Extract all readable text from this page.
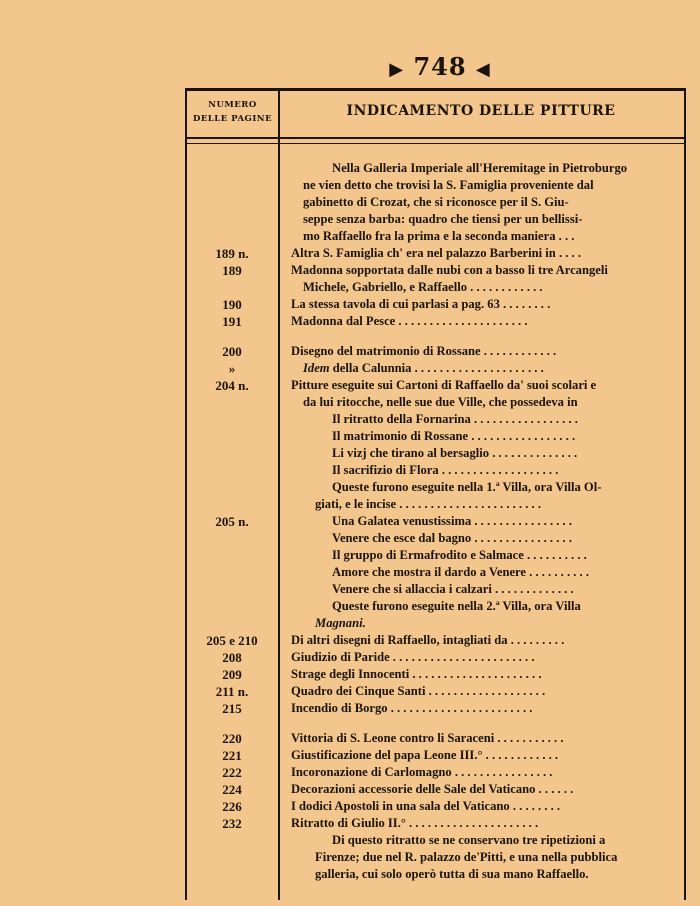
▶ 748 ◀
NUMERO
DELLE PAGINE	INDICAMENTO DELLE PITTURE
Nella Galleria Imperiale all'Heremitage in Pietroburgo
ne vien detto che trovisi la S. Famiglia proveniente dal
gabinetto di Crozat, che si riconosce per il S. Giu-
seppe senza barba: quadro che tiensi per un bellissi-
mo Raffaello fra la prima e la seconda maniera . . .
189 n.	Altra S. Famiglia ch' era nel palazzo Barberini in . . . .
189	Madonna sopportata dalle nubi con a basso li tre Arcangeli
Michele, Gabriello, e Raffaello . . . . . . . . . . . .
190	La stessa tavola di cui parlasi a pag. 63 . . . . . . . .
191	Madonna dal Pesce . . . . . . . . . . . . . . . . . . . . .
200	Disegno del matrimonio di Rossane . . . . . . . . . . . .
»	Idem della Calunnia . . . . . . . . . . . . . . . . . . . . .
204 n.	Pitture eseguite sui Cartoni di Raffaello da' suoi scolari e
da lui ritocche, nelle sue due Ville, che possedeva in
Il ritratto della Fornarina . . . . . . . . . . . . . . . . .
Il matrimonio di Rossane . . . . . . . . . . . . . . . . .
Li vizj che tirano al bersaglio . . . . . . . . . . . . . .
Il sacrifizio di Flora . . . . . . . . . . . . . . . . . . .
Queste furono eseguite nella 1.ª Villa, ora Villa Ol-
giati, e le incise . . . . . . . . . . . . . . . . . . . . . . .
205 n.	Una Galatea venustissima . . . . . . . . . . . . . . . .
Venere che esce dal bagno . . . . . . . . . . . . . . . .
Il gruppo di Ermafrodito e Salmace . . . . . . . . . .
Amore che mostra il dardo a Venere . . . . . . . . . .
Venere che si allaccia i calzari . . . . . . . . . . . . .
Queste furono eseguite nella 2.ª Villa, ora Villa
Magnani.
205 e 210	Di altri disegni di Raffaello, intagliati da . . . . . . . . .
208	Giudizio di Paride . . . . . . . . . . . . . . . . . . . . . . .
209	Strage degli Innocenti . . . . . . . . . . . . . . . . . . . . .
211 n.	Quadro dei Cinque Santi . . . . . . . . . . . . . . . . . . .
215	Incendio di Borgo . . . . . . . . . . . . . . . . . . . . . . .
220	Vittoria di S. Leone contro li Saraceni . . . . . . . . . . .
221	Giustificazione del papa Leone III.° . . . . . . . . . . . .
222	Incoronazione di Carlomagno . . . . . . . . . . . . . . . .
224	Decorazioni accessorie delle Sale del Vaticano . . . . . .
226	I dodici Apostoli in una sala del Vaticano . . . . . . . .
232	Ritratto di Giulio II.° . . . . . . . . . . . . . . . . . . . . .
Di questo ritratto se ne conservano tre ripetizioni a
Firenze; due nel R. palazzo de'Pitti, e una nella pubblica
galleria, cui solo operò tutta di sua mano Raffaello.
